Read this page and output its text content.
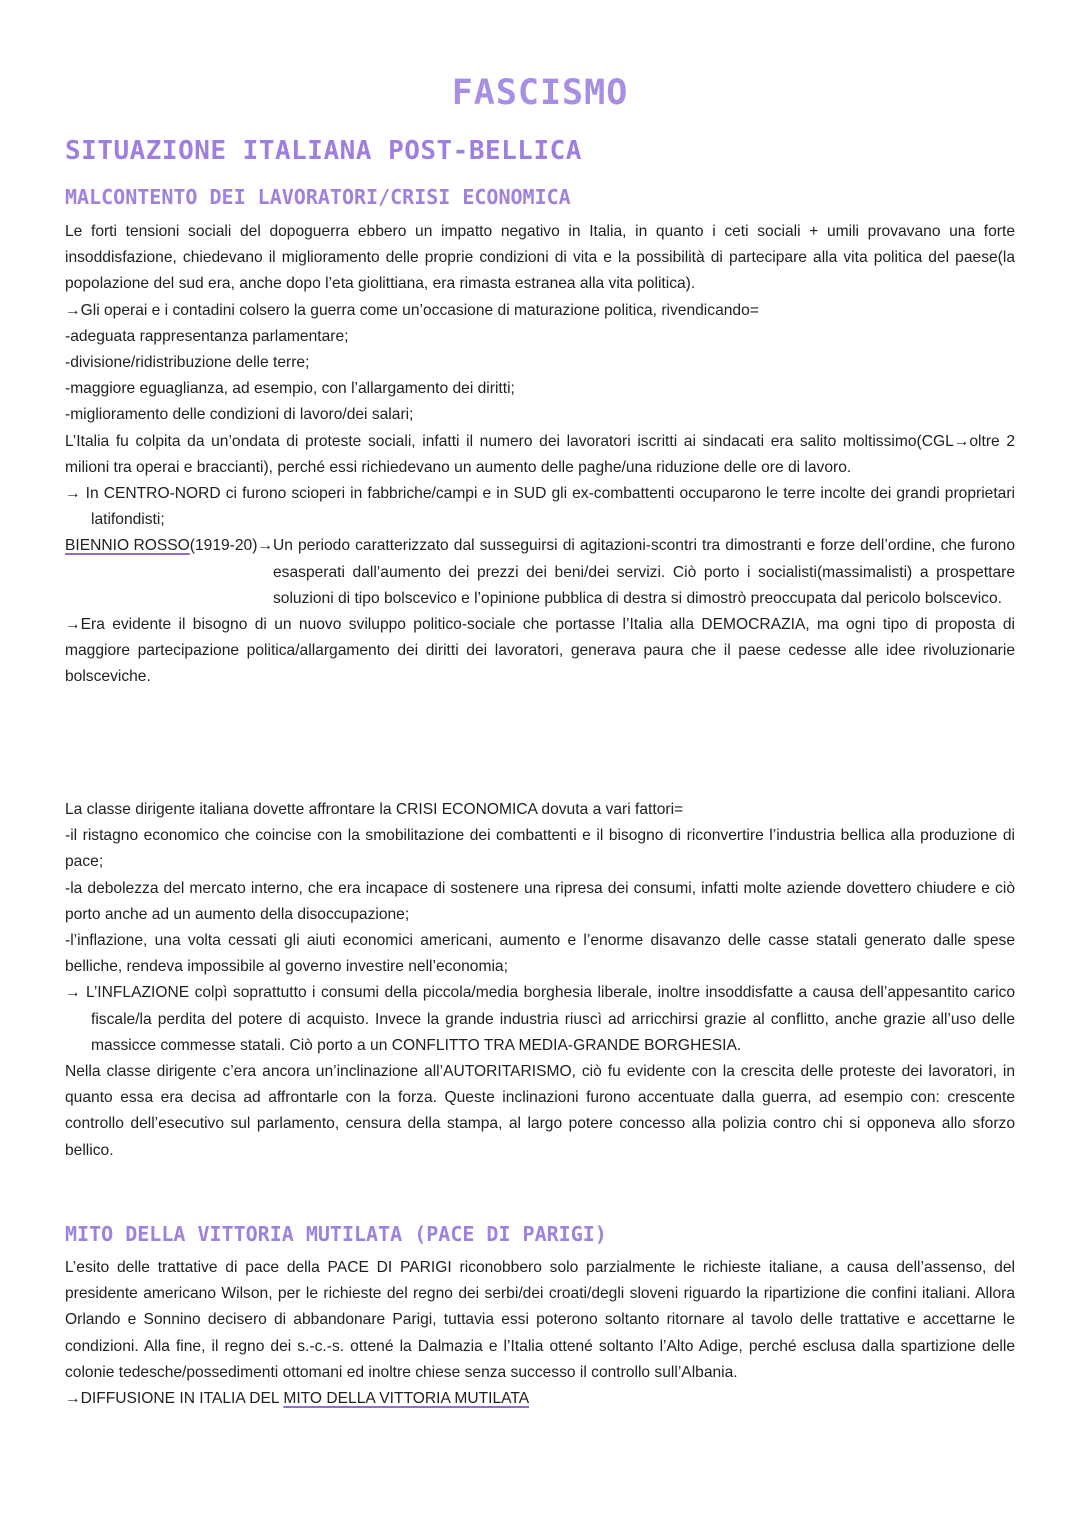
FASCISMO
SITUAZIONE ITALIANA POST-BELLICA
MALCONTENTO DEI LAVORATORI/CRISI ECONOMICA

Le forti tensioni sociali del dopoguerra ebbero un impatto negativo in Italia, in quanto i ceti sociali + umili provavano una forte insoddisfazione, chiedevano il miglioramento delle proprie condizioni di vita e la possibilità di partecipare alla vita politica del paese(la popolazione del sud era, anche dopo l’eta giolittiana, era rimasta estranea alla vita politica).

→Gli operai e i contadini colsero la guerra come un’occasione di maturazione politica, rivendicando=

-adeguata rappresentanza parlamentare;

-divisione/ridistribuzione delle terre;

-maggiore eguaglianza, ad esempio, con l’allargamento dei diritti;

-miglioramento delle condizioni di lavoro/dei salari;

L’Italia fu colpita da un’ondata di proteste sociali, infatti il numero dei lavoratori iscritti ai sindacati era salito moltissimo(CGL→oltre 2 milioni tra operai e braccianti), perché essi richiedevano un aumento delle paghe/una riduzione delle ore di lavoro.

→ In CENTRO-NORD ci furono scioperi in fabbriche/campi e in SUD gli ex-combattenti occuparono le terre incolte dei grandi proprietari latifondisti;

BIENNIO ROSSO(1919-20)→ Un periodo caratterizzato dal susseguirsi di agitazioni-scontri tra dimostranti e forze dell’ordine, che furono esasperati dall’aumento dei prezzi dei beni/dei servizi. Ciò porto i socialisti(massimalisti) a prospettare soluzioni di tipo bolscevico e l’opinione pubblica di destra si dimostrò preoccupata dal pericolo bolscevico.

→Era evidente il bisogno di un nuovo sviluppo politico-sociale che portasse l’Italia alla DEMOCRAZIA, ma ogni tipo di proposta di maggiore partecipazione politica/allargamento dei diritti dei lavoratori, generava paura che il paese cedesse alle idee rivoluzionarie bolsceviche.

La classe dirigente italiana dovette affrontare la CRISI ECONOMICA dovuta a vari fattori=

-il ristagno economico che coincise con la smobilitazione dei combattenti e il bisogno di riconvertire l’industria bellica alla produzione di pace;

-la debolezza del mercato interno, che era incapace di sostenere una ripresa dei consumi, infatti molte aziende dovettero chiudere e ciò porto anche ad un aumento della disoccupazione;

-l’inflazione, una volta cessati gli aiuti economici americani, aumento e l’enorme disavanzo delle casse statali generato dalle spese belliche, rendeva impossibile al governo investire nell’economia;

→ L’INFLAZIONE colpì soprattutto i consumi della piccola/media borghesia liberale, inoltre insoddisfatte a causa dell’appesantito carico fiscale/la perdita del potere di acquisto. Invece la grande industria riuscì ad arricchirsi grazie al conflitto, anche grazie all’uso delle massicce commesse statali. Ciò porto a un CONFLITTO TRA MEDIA-GRANDE BORGHESIA.

Nella classe dirigente c’era ancora un’inclinazione all’AUTORITARISMO, ciò fu evidente con la crescita delle proteste dei lavoratori, in quanto essa era decisa ad affrontarle con la forza. Queste inclinazioni furono accentuate dalla guerra, ad esempio con: crescente controllo dell’esecutivo sul parlamento, censura della stampa, al largo potere concesso alla polizia contro chi si opponeva allo sforzo bellico.

MITO DELLA VITTORIA MUTILATA (PACE DI PARIGI)

L’esito delle trattative di pace della PACE DI PARIGI riconobbero solo parzialmente le richieste italiane, a causa dell’assenso, del presidente americano Wilson, per le richieste del regno dei serbi/dei croati/degli sloveni riguardo la ripartizione die confini italiani. Allora Orlando e Sonnino decisero di abbandonare Parigi, tuttavia essi poterono soltanto ritornare al tavolo delle trattative e accettarne le condizioni. Alla fine, il regno dei s.-c.-s. ottené la Dalmazia e l’Italia ottené soltanto l’Alto Adige, perché esclusa dalla spartizione delle colonie tedesche/possedimenti ottomani ed inoltre chiese senza successo il controllo sull’Albania.

→DIFFUSIONE IN ITALIA DEL MITO DELLA VITTORIA MUTILATA
